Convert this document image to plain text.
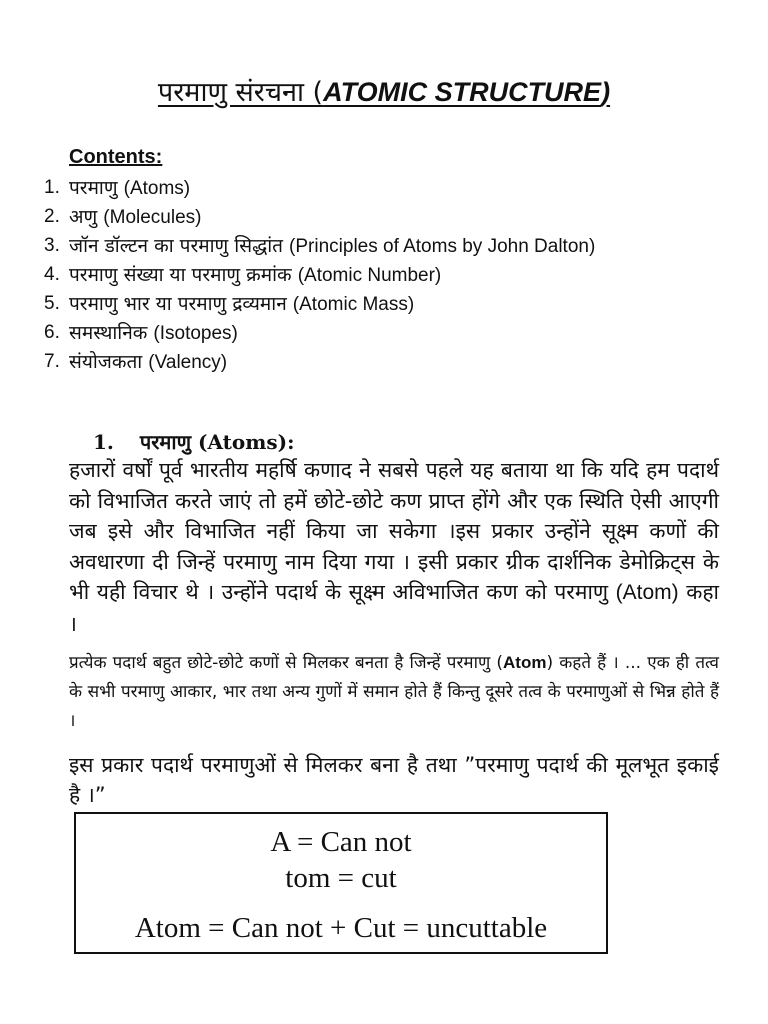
परमाणु संरचना (ATOMIC STRUCTURE)
Contents:
1. परमाणु (Atoms)
2. अणु (Molecules)
3. जॉन डॉल्टन का परमाणु सिद्धांत (Principles of Atoms by John Dalton)
4. परमाणु संख्या या परमाणु क्रमांक (Atomic Number)
5. परमाणु भार या परमाणु द्रव्यमान (Atomic Mass)
6. समस्थानिक (Isotopes)
7. संयोजकता (Valency)
1. परमाणु (Atoms):
हजारों वर्षों पूर्व भारतीय महर्षि कणाद ने सबसे पहले यह बताया था कि यदि हम पदार्थ को विभाजित करते जाएं तो हमें छोटे-छोटे कण प्राप्त होंगे और एक स्थिति ऐसी आएगी जब इसे और विभाजित नहीं किया जा सकेगा ।इस प्रकार उन्होंने सूक्ष्म कणों की अवधारणा दी जिन्हें परमाणु नाम दिया गया । इसी प्रकार ग्रीक दार्शनिक डेमोक्रिट्स के भी यही विचार थे । उन्होंने पदार्थ के सूक्ष्म अविभाजित कण को परमाणु (Atom) कहा ।
प्रत्येक पदार्थ बहुत छोटे-छोटे कणों से मिलकर बनता है जिन्हें परमाणु (Atom) कहते हैं । ... एक ही तत्व के सभी परमाणु आकार, भार तथा अन्य गुणों में समान होते हैं किन्तु दूसरे तत्व के परमाणुओं से भिन्न होते हैं ।
इस प्रकार पदार्थ परमाणुओं से मिलकर बना है तथा ”परमाणु पदार्थ की मूलभूत इकाई है ।”
A = Can not
tom = cut
Atom = Can not + Cut = uncuttable
